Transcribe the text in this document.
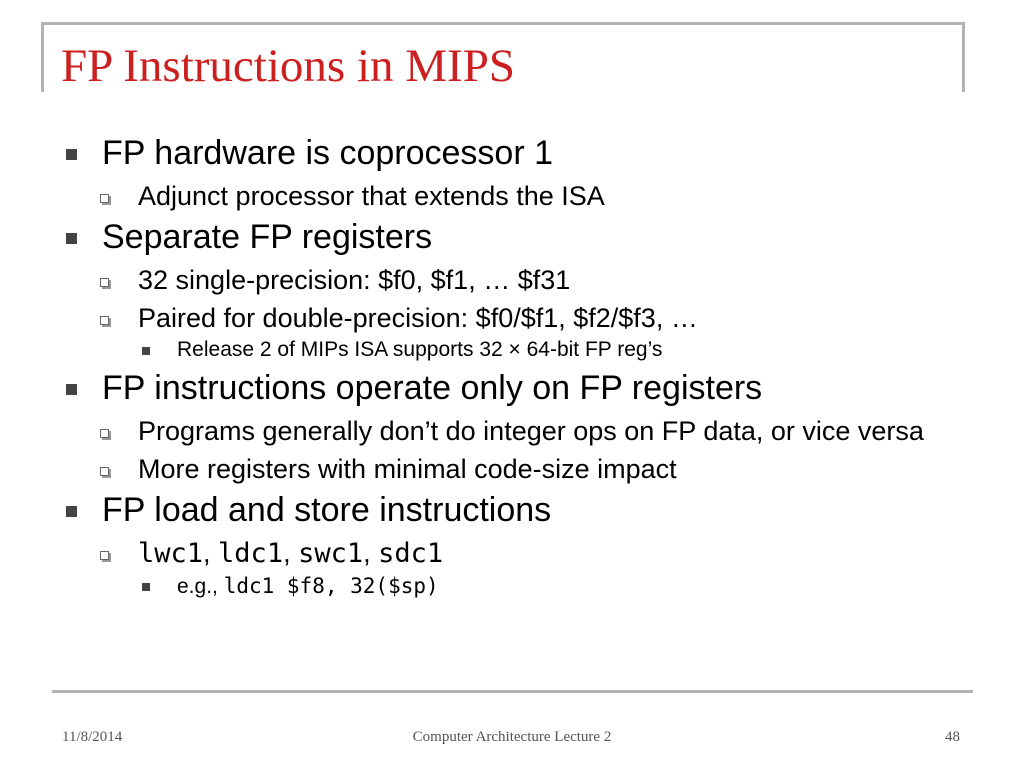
FP Instructions in MIPS
FP hardware is coprocessor 1
Adjunct processor that extends the ISA
Separate FP registers
32 single-precision: $f0, $f1, … $f31
Paired for double-precision: $f0/$f1, $f2/$f3, …
Release 2 of MIPs ISA supports 32 × 64-bit FP reg’s
FP instructions operate only on FP registers
Programs generally don’t do integer ops on FP data, or vice versa
More registers with minimal code-size impact
FP load and store instructions
lwc1, ldc1, swc1, sdc1
e.g., ldc1 $f8, 32($sp)
11/8/2014	Computer Architecture Lecture 2	48
